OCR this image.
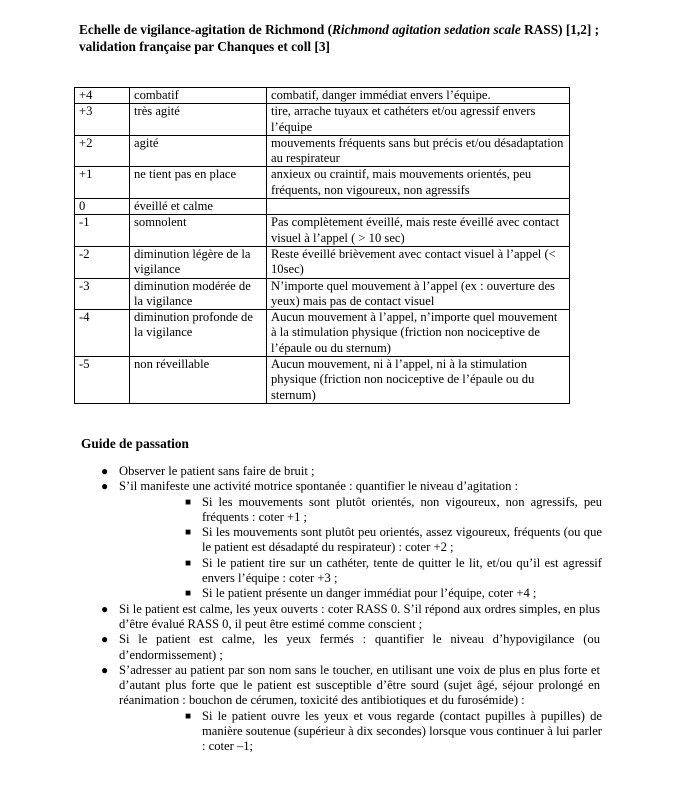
Echelle de vigilance-agitation de Richmond (Richmond agitation sedation scale RASS) [1,2] ; validation française par Chanques et coll [3]
+4	combatif	combatif, danger immédiat envers l’équipe.
+3	très agité	tire, arrache tuyaux et cathéters et/ou agressif envers l’équipe
+2	agité	mouvements fréquents sans but précis et/ou désadaptation au respirateur
+1	ne tient pas en place	anxieux ou craintif, mais mouvements orientés, peu fréquents, non vigoureux, non agressifs
0	éveillé et calme	
-1	somnolent	Pas complètement éveillé, mais reste éveillé avec contact visuel à l’appel ( > 10 sec)
-2	diminution légère de la vigilance	Reste éveillé brièvement avec contact visuel à l’appel (< 10sec)
-3	diminution modérée de la vigilance	N’importe quel mouvement à l’appel (ex : ouverture des yeux) mais pas de contact visuel
-4	diminution profonde de la vigilance	Aucun mouvement à l’appel, n’importe quel mouvement à la stimulation physique (friction non nociceptive de l’épaule ou du sternum)
-5	non réveillable	Aucun mouvement, ni à l’appel, ni à la stimulation physique (friction non nociceptive de l’épaule ou du sternum)
Guide de passation
● Observer le patient sans faire de bruit ;
● S’il manifeste une activité motrice spontanée : quantifier le niveau d’agitation :
■ Si les mouvements sont plutôt orientés, non vigoureux, non agressifs, peu fréquents : coter +1 ;
■ Si les mouvements sont plutôt peu orientés, assez vigoureux, fréquents (ou que le patient est désadapté du respirateur) : coter +2 ;
■ Si le patient tire sur un cathéter, tente de quitter le lit, et/ou qu’il est agressif envers l’équipe : coter +3 ;
■ Si le patient présente un danger immédiat pour l’équipe, coter +4 ;
● Si le patient est calme, les yeux ouverts : coter RASS 0. S’il répond aux ordres simples, en plus d’être évalué RASS 0, il peut être estimé comme conscient ;
● Si le patient est calme, les yeux fermés : quantifier le niveau d’hypovigilance (ou d’endormissement) ;
● S’adresser au patient par son nom sans le toucher, en utilisant une voix de plus en plus forte et d’autant plus forte que le patient est susceptible d’être sourd (sujet âgé, séjour prolongé en réanimation : bouchon de cérumen, toxicité des antibiotiques et du furosémide) :
■ Si le patient ouvre les yeux et vous regarde (contact pupilles à pupilles) de manière soutenue (supérieur à dix secondes) lorsque vous continuer à lui parler : coter –1;
